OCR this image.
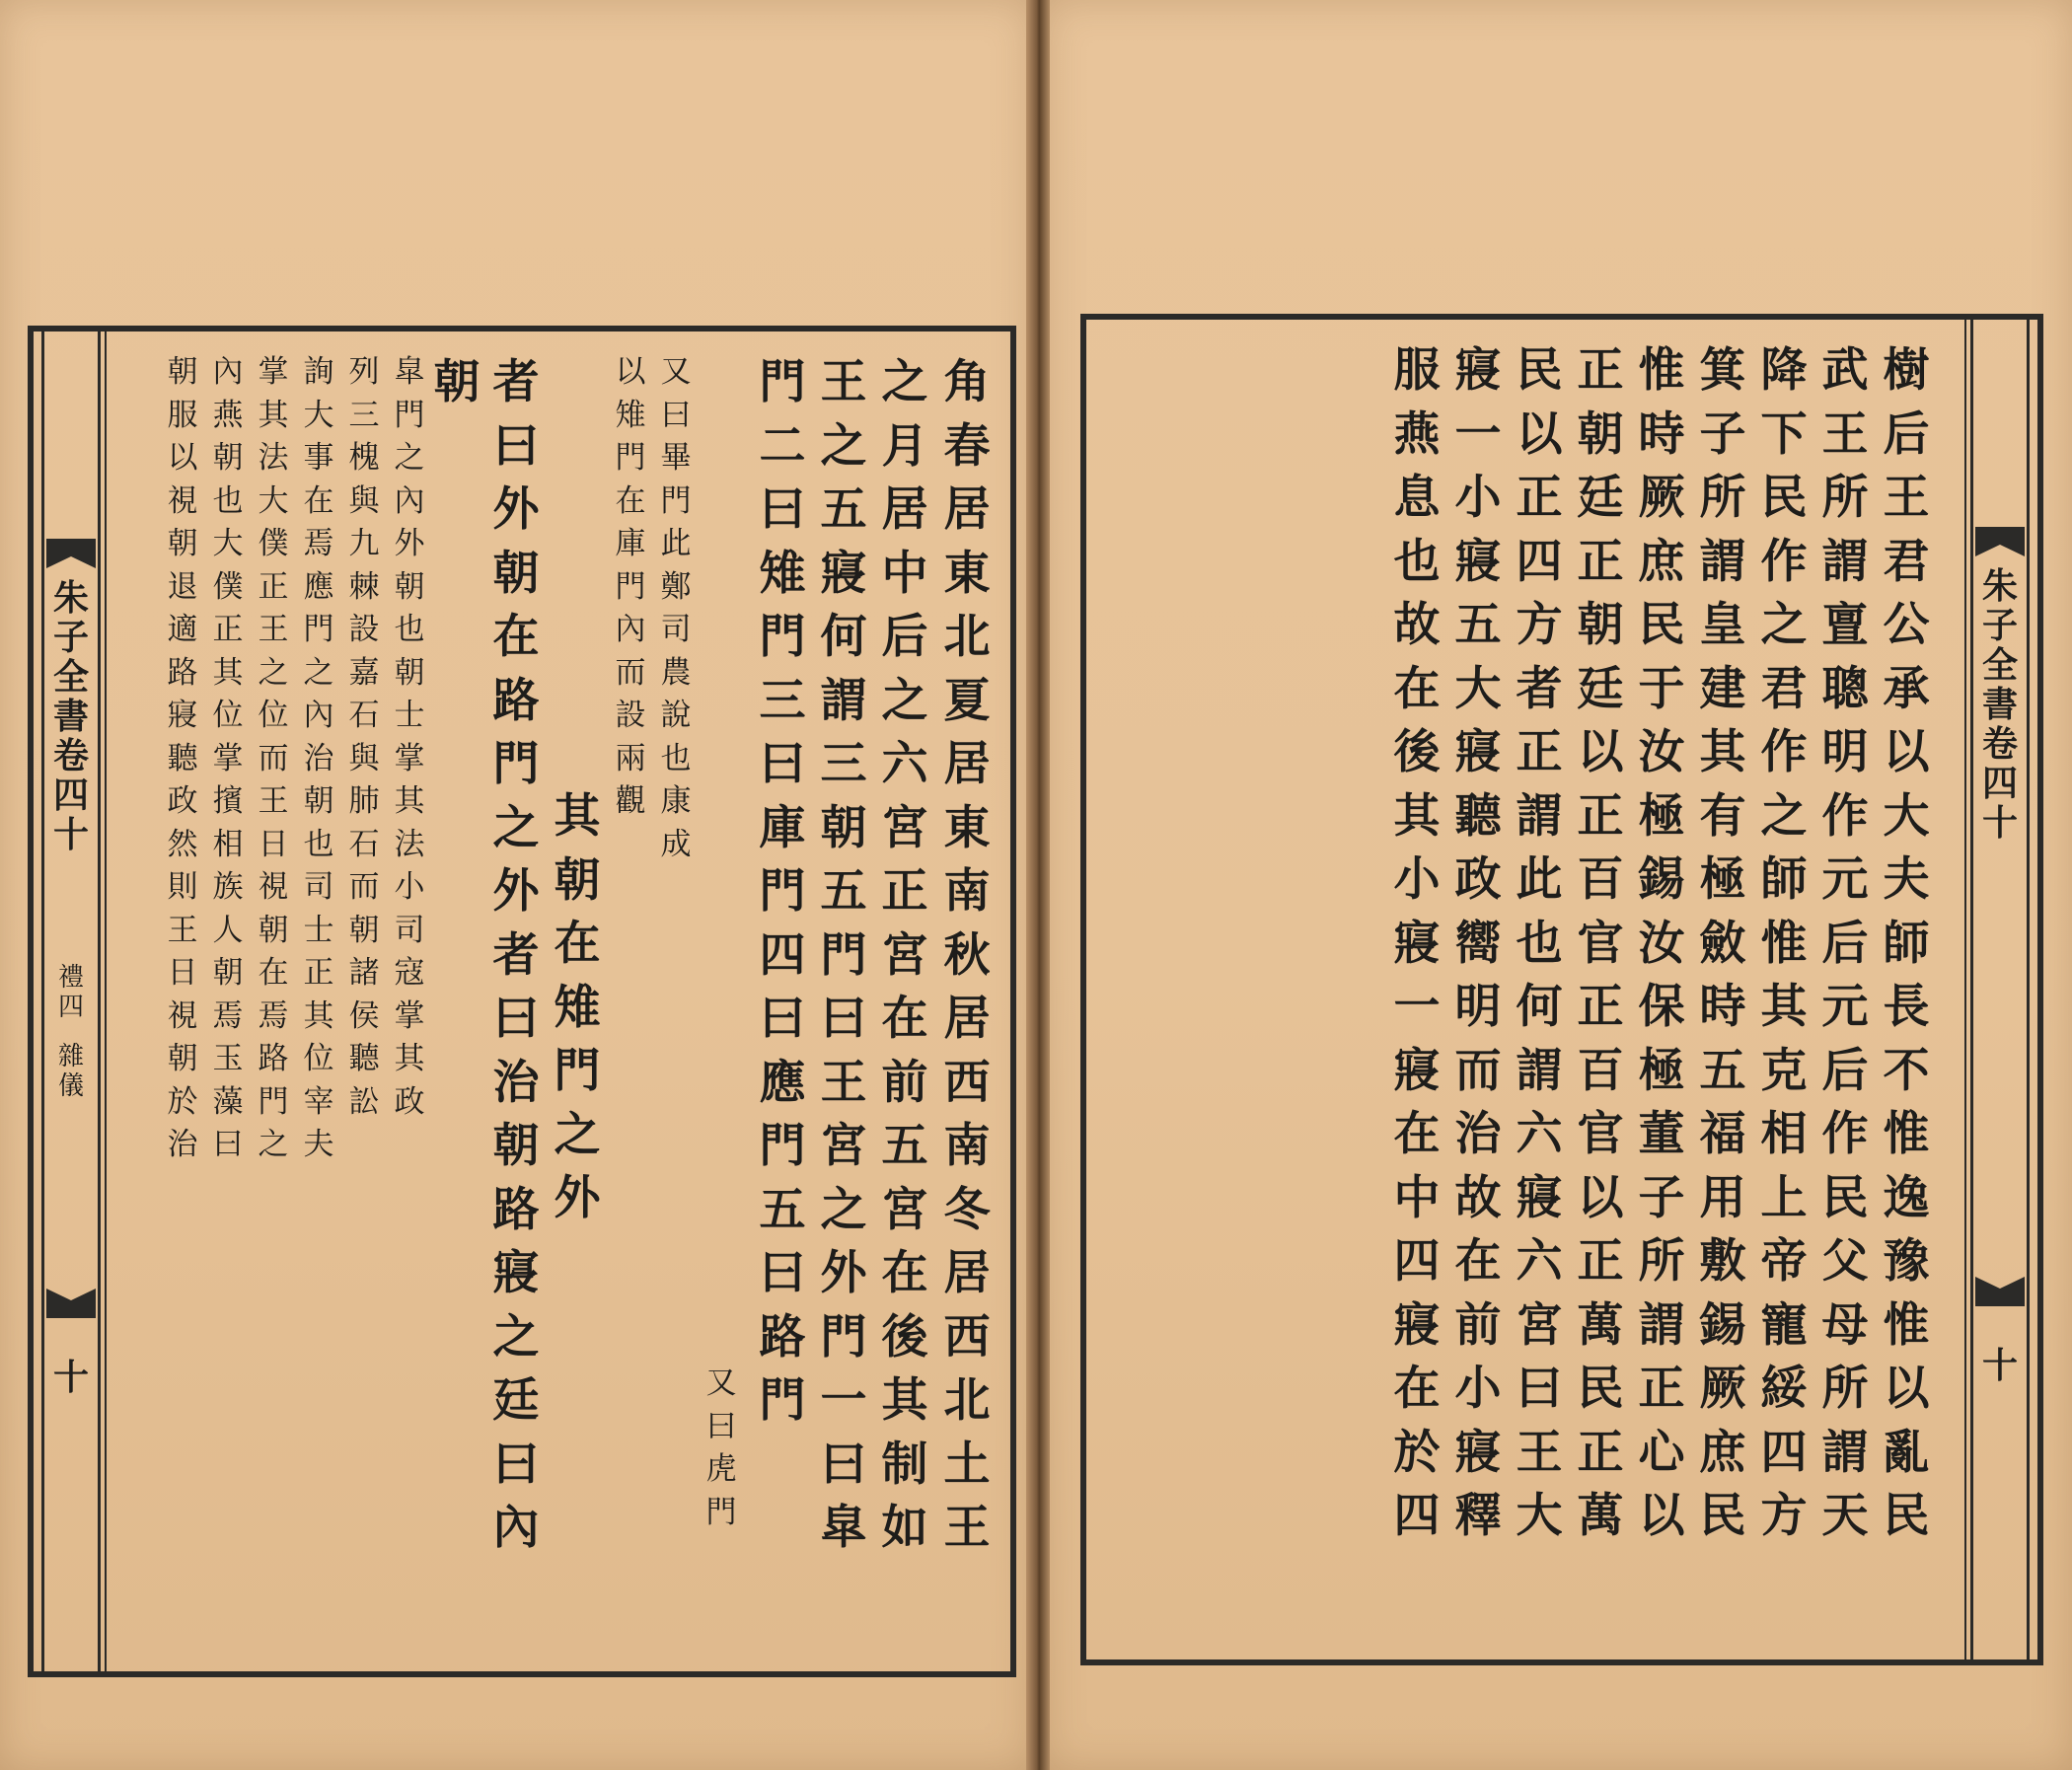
朱
子
全
書
卷
四
十
禮
四
雜
儀
十
角
春
居
東
北
夏
居
東
南
秋
居
西
南
冬
居
西
北
土
王
之
月
居
中
后
之
六
宮
正
宮
在
前
五
宮
在
後
其
制
如
王
之
五
寢
何
謂
三
朝
五
門
曰
王
宮
之
外
門
一
曰
皐
門
二
曰
雉
門
三
曰
庫
門
四
曰
應
門
五
曰
路
門
又
曰
虎
門
又
曰
畢
門
此
鄭
司
農
說
也
康
成
以
雉
門
在
庫
門
內
而
設
兩
觀
其
朝
在
雉
門
之
外
者
曰
外
朝
在
路
門
之
外
者
曰
治
朝
路
寢
之
廷
曰
內
朝
皐
門
之
內
外
朝
也
朝
士
掌
其
法
小
司
寇
掌
其
政
列
三
槐
與
九
棘
設
嘉
石
與
肺
石
而
朝
諸
侯
聽
訟
詢
大
事
在
焉
應
門
之
內
治
朝
也
司
士
正
其
位
宰
夫
掌
其
法
大
僕
正
王
之
位
而
王
日
視
朝
在
焉
路
門
之
內
燕
朝
也
大
僕
正
其
位
掌
擯
相
族
人
朝
焉
玉
藻
曰
朝
服
以
視
朝
退
適
路
寢
聽
政
然
則
王
日
視
朝
於
治
朱
子
全
書
卷
四
十
十
樹
后
王
君
公
承
以
大
夫
師
長
不
惟
逸
豫
惟
以
亂
民
武
王
所
謂
亶
聰
明
作
元
后
元
后
作
民
父
母
所
謂
天
降
下
民
作
之
君
作
之
師
惟
其
克
相
上
帝
寵
綏
四
方
箕
子
所
謂
皇
建
其
有
極
斂
時
五
福
用
敷
錫
厥
庶
民
惟
時
厥
庶
民
于
汝
極
錫
汝
保
極
董
子
所
謂
正
心
以
正
朝
廷
正
朝
廷
以
正
百
官
正
百
官
以
正
萬
民
正
萬
民
以
正
四
方
者
正
謂
此
也
何
謂
六
寢
六
宮
曰
王
大
寢
一
小
寢
五
大
寢
聽
政
嚮
明
而
治
故
在
前
小
寢
釋
服
燕
息
也
故
在
後
其
小
寢
一
寢
在
中
四
寢
在
於
四
